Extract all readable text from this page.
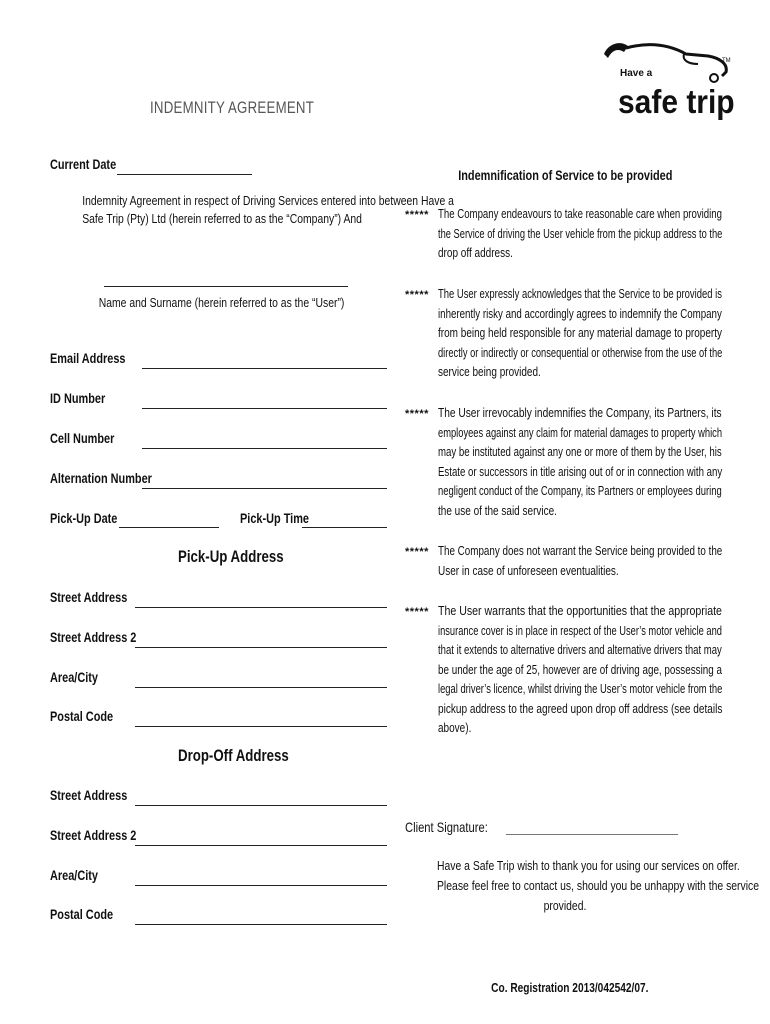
INDEMNITY AGREEMENT
Have a
safe trip
TM
Current Date

Indemnity Agreement in respect of Driving Services entered into between Have a

Safe Trip (Pty) Ltd (herein referred to as the “Company”) And

Name and Surname (herein referred to as the “User”)
Email Address
ID Number
Cell Number
Alternation Number
Pick-Up Date	Pick-Up Time
Pick-Up Address
Street Address
Street Address 2
Area/City
Postal Code
Drop-Off Address
Street Address
Street Address 2
Area/City
Postal Code
Indemnification of Service to be provided
***** The Company endeavours to take reasonable care when providing
the Service of driving the User vehicle from the pickup address to the
drop off address.
***** The User expressly acknowledges that the Service to be provided is
inherently risky and accordingly agrees to indemnify the Company
from being held responsible for any material damage to property
directly or indirectly or consequential or otherwise from the use of the
service being provided.
***** The User irrevocably indemnifies the Company, its Partners, its
employees against any claim for material damages to property which
may be instituted against any one or more of them by the User, his
Estate or successors in title arising out of or in connection with any
negligent conduct of the Company, its Partners or employees during
the use of the said service.
***** The Company does not warrant the Service being provided to the
User in case of unforeseen eventualities.
***** The User warrants that the opportunities that the appropriate
insurance cover is in place in respect of the User’s motor vehicle and
that it extends to alternative drivers and alternative drivers that may
be under the age of 25, however are of driving age, possessing a
legal driver’s licence, whilst driving the User’s motor vehicle from the
pickup address to the agreed upon drop off address (see details
above).
Client Signature:
Have a Safe Trip wish to thank you for using our services on offer.
Please feel free to contact us, should you be unhappy with the service
provided.
Co. Registration 2013/042542/07.
